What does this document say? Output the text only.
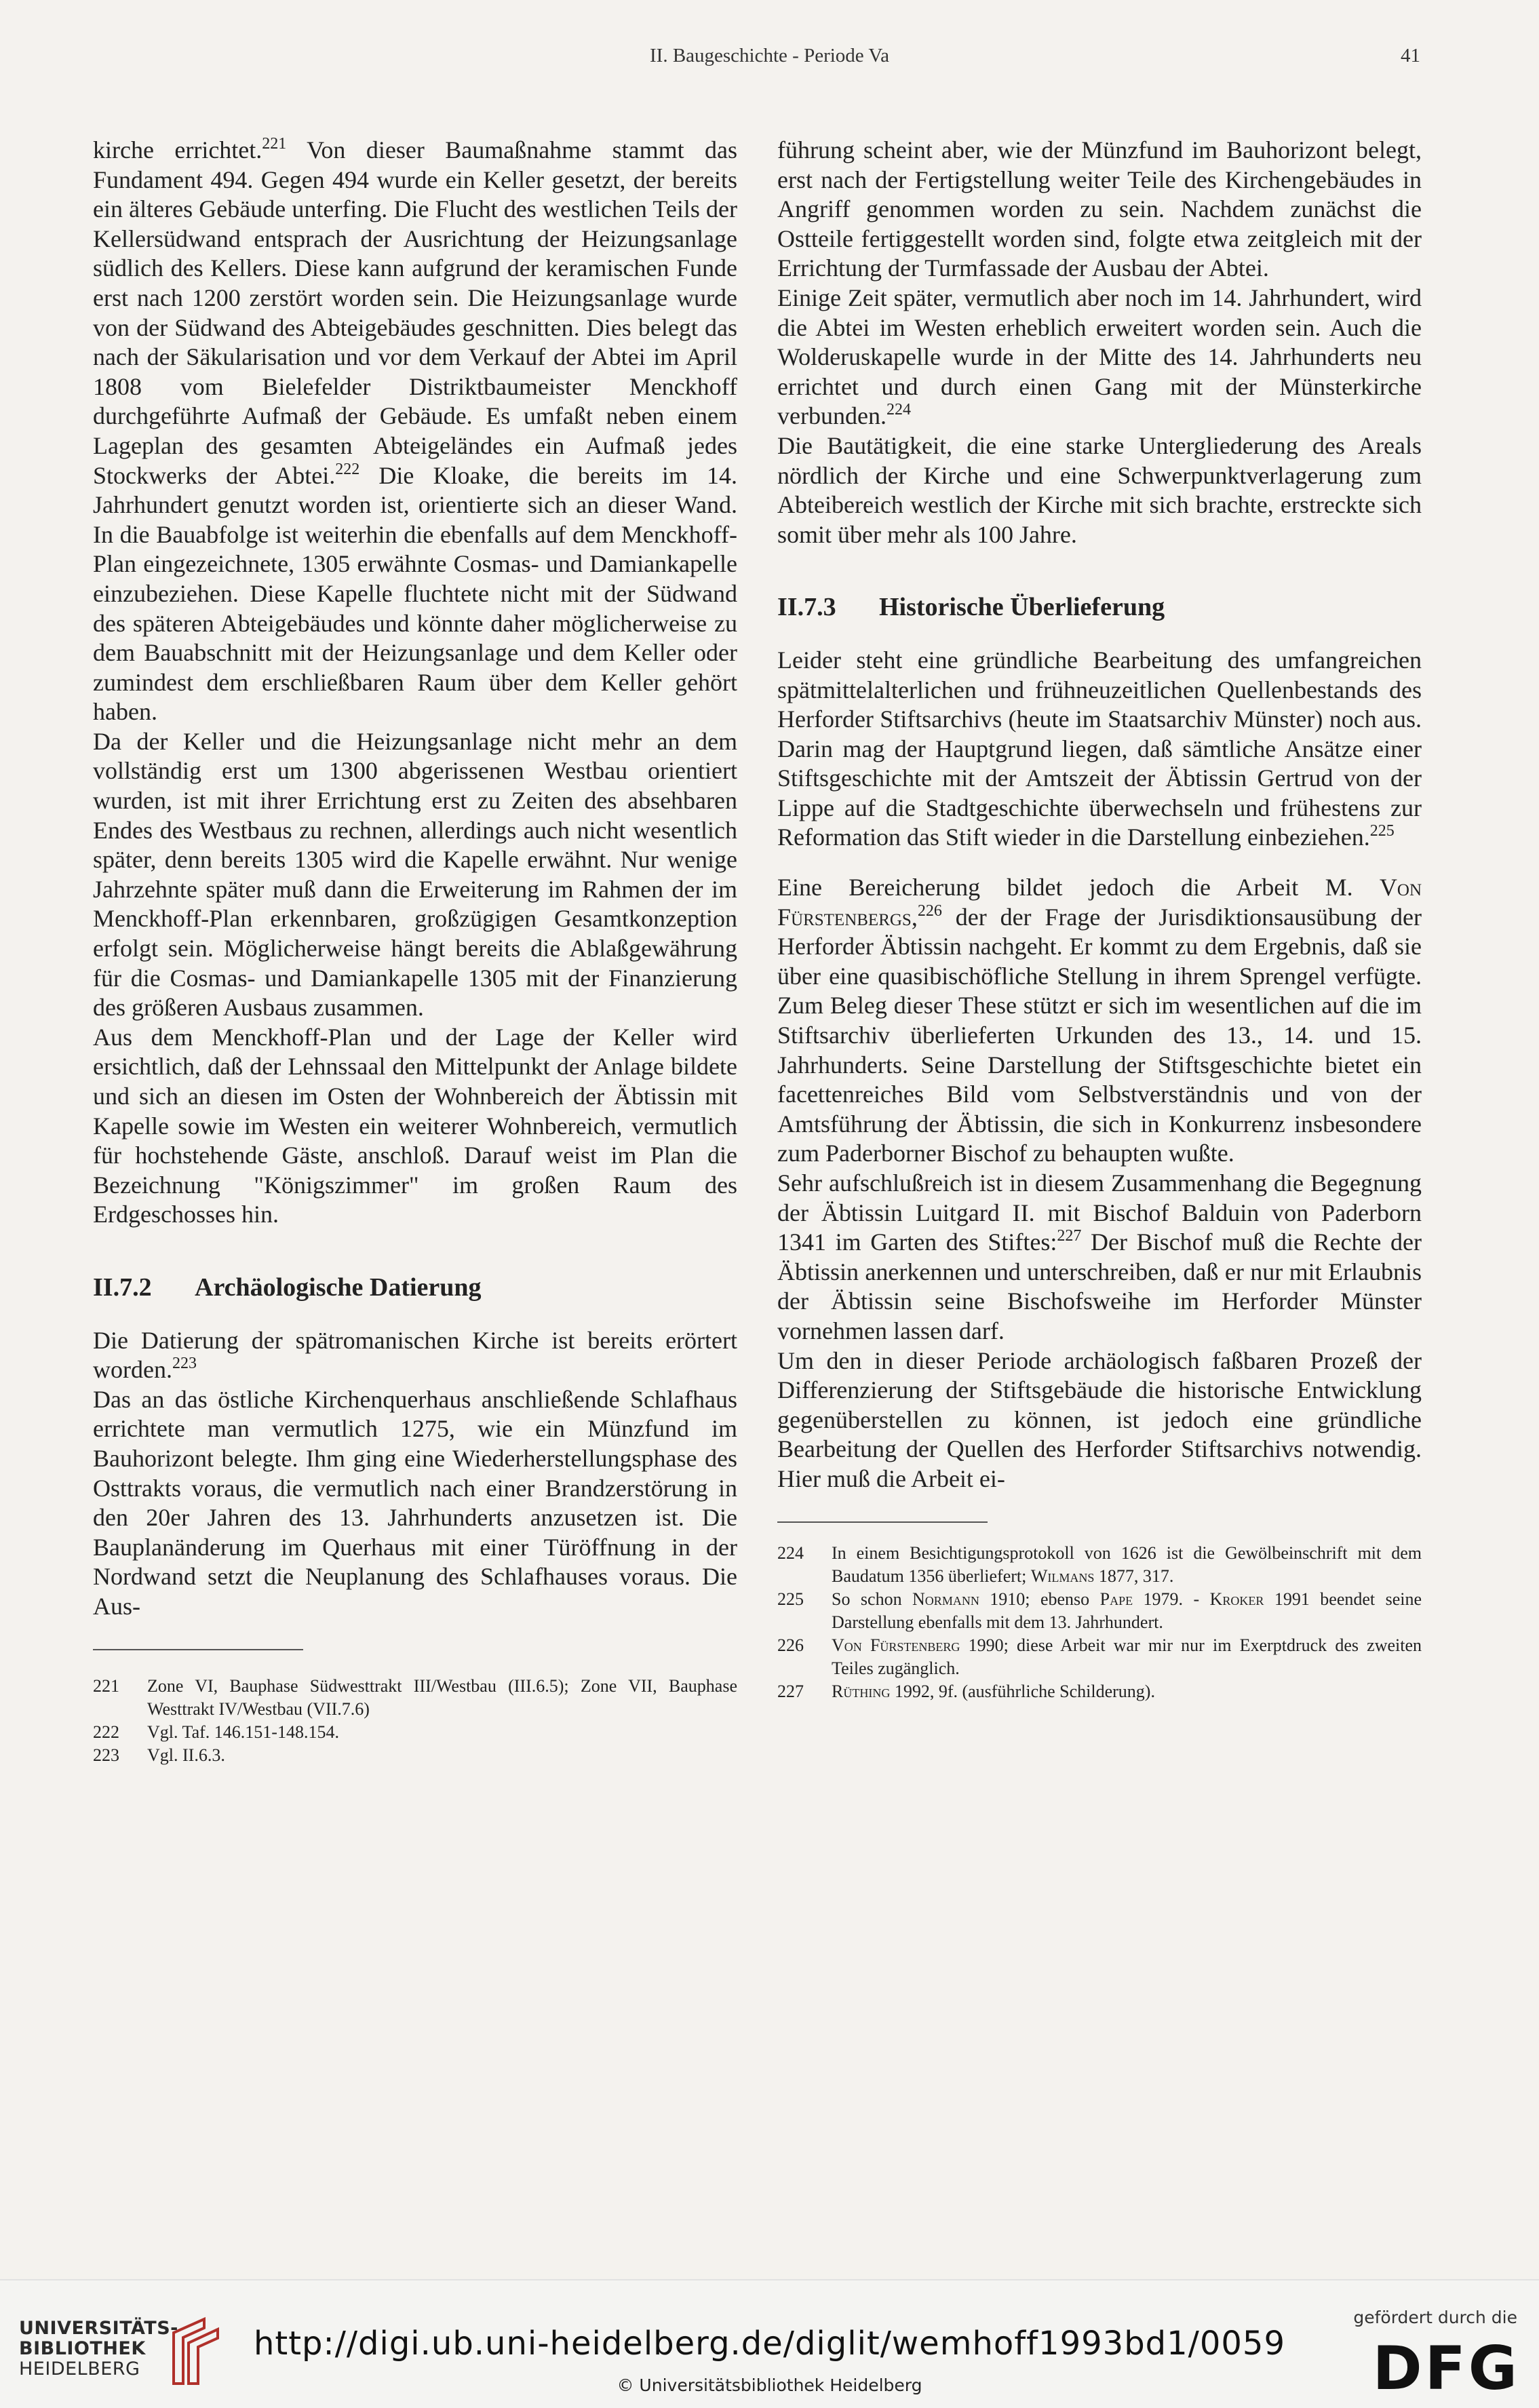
II. Baugeschichte - Periode Va	41

kirche errichtet.$^{221}$ Von dieser Baumaßnahme stammt das Fundament 494. Gegen 494 wurde ein Keller gesetzt, der bereits ein älteres Gebäude unterfing. Die Flucht des westlichen Teils der Kellersüdwand entsprach der Ausrichtung der Heizungsanlage südlich des Kellers. Diese kann aufgrund der keramischen Funde erst nach 1200 zerstört worden sein. Die Heizungsanlage wurde von der Südwand des Abteigebäudes geschnitten. Dies belegt das nach der Säkularisation und vor dem Verkauf der Abtei im April 1808 vom Bielefelder Distriktbaumeister Menckhoff durchgeführte Aufmaß der Gebäude. Es umfaßt neben einem Lageplan des gesamten Abteigeländes ein Aufmaß jedes Stockwerks der Abtei.$^{222}$ Die Kloake, die bereits im 14. Jahrhundert genutzt worden ist, orientierte sich an dieser Wand. In die Bauabfolge ist weiterhin die ebenfalls auf dem Menckhoff-Plan eingezeichnete, 1305 erwähnte Cosmas- und Damiankapelle einzubeziehen. Diese Kapelle fluchtete nicht mit der Südwand des späteren Abteigebäudes und könnte daher möglicherweise zu dem Bauabschnitt mit der Heizungsanlage und dem Keller oder zumindest dem erschließbaren Raum über dem Keller gehört haben.

Da der Keller und die Heizungsanlage nicht mehr an dem vollständig erst um 1300 abgerissenen Westbau orientiert wurden, ist mit ihrer Errichtung erst zu Zeiten des absehbaren Endes des Westbaus zu rechnen, allerdings auch nicht wesentlich später, denn bereits 1305 wird die Kapelle erwähnt. Nur wenige Jahrzehnte später muß dann die Erweiterung im Rahmen der im Menckhoff-Plan erkennbaren, großzügigen Gesamtkonzeption erfolgt sein. Möglicherweise hängt bereits die Ablaßgewährung für die Cosmas- und Damiankapelle 1305 mit der Finanzierung des größeren Ausbaus zusammen.

Aus dem Menckhoff-Plan und der Lage der Keller wird ersichtlich, daß der Lehnssaal den Mittelpunkt der Anlage bildete und sich an diesen im Osten der Wohnbereich der Äbtissin mit Kapelle sowie im Westen ein weiterer Wohnbereich, vermutlich für hochstehende Gäste, anschloß. Darauf weist im Plan die Bezeichnung "Königszimmer" im großen Raum des Erdgeschosses hin.

II.7.2 Archäologische Datierung

Die Datierung der spätromanischen Kirche ist bereits erörtert worden.$^{223}$

Das an das östliche Kirchenquerhaus anschließende Schlafhaus errichtete man vermutlich 1275, wie ein Münzfund im Bauhorizont belegte. Ihm ging eine Wiederherstellungsphase des Osttrakts voraus, die vermutlich nach einer Brandzerstörung in den 20er Jahren des 13. Jahrhunderts anzusetzen ist. Die Bauplanänderung im Querhaus mit einer Türöffnung in der Nordwand setzt die Neuplanung des Schlafhauses voraus. Die Aus-

221	Zone VI, Bauphase Südwesttrakt III/Westbau (III.6.5); Zone VII, Bauphase Westtrakt IV/Westbau (VII.7.6)
222	Vgl. Taf. 146.151-148.154.
223	Vgl. II.6.3.

führung scheint aber, wie der Münzfund im Bauhorizont belegt, erst nach der Fertigstellung weiter Teile des Kirchengebäudes in Angriff genommen worden zu sein. Nachdem zunächst die Ostteile fertiggestellt worden sind, folgte etwa zeitgleich mit der Errichtung der Turmfassade der Ausbau der Abtei.

Einige Zeit später, vermutlich aber noch im 14. Jahrhundert, wird die Abtei im Westen erheblich erweitert worden sein. Auch die Wolderuskapelle wurde in der Mitte des 14. Jahrhunderts neu errichtet und durch einen Gang mit der Münsterkirche verbunden.$^{224}$

Die Bautätigkeit, die eine starke Untergliederung des Areals nördlich der Kirche und eine Schwerpunktverlagerung zum Abteibereich westlich der Kirche mit sich brachte, erstreckte sich somit über mehr als 100 Jahre.

II.7.3 Historische Überlieferung

Leider steht eine gründliche Bearbeitung des umfangreichen spätmittelalterlichen und frühneuzeitlichen Quellenbestands des Herforder Stiftsarchivs (heute im Staatsarchiv Münster) noch aus. Darin mag der Hauptgrund liegen, daß sämtliche Ansätze einer Stiftsgeschichte mit der Amtszeit der Äbtissin Gertrud von der Lippe auf die Stadtgeschichte überwechseln und frühestens zur Reformation das Stift wieder in die Darstellung einbeziehen.$^{225}$

Eine Bereicherung bildet jedoch die Arbeit M. Von Fürstenbergs,$^{226}$ der der Frage der Jurisdiktionsausübung der Herforder Äbtissin nachgeht. Er kommt zu dem Ergebnis, daß sie über eine quasibischöfliche Stellung in ihrem Sprengel verfügte. Zum Beleg dieser These stützt er sich im wesentlichen auf die im Stiftsarchiv überlieferten Urkunden des 13., 14. und 15. Jahrhunderts. Seine Darstellung der Stiftsgeschichte bietet ein facettenreiches Bild vom Selbstverständnis und von der Amtsführung der Äbtissin, die sich in Konkurrenz insbesondere zum Paderborner Bischof zu behaupten wußte.

Sehr aufschlußreich ist in diesem Zusammenhang die Begegnung der Äbtissin Luitgard II. mit Bischof Balduin von Paderborn 1341 im Garten des Stiftes:$^{227}$ Der Bischof muß die Rechte der Äbtissin anerkennen und unterschreiben, daß er nur mit Erlaubnis der Äbtissin seine Bischofsweihe im Herforder Münster vornehmen lassen darf.

Um den in dieser Periode archäologisch faßbaren Prozeß der Differenzierung der Stiftsgebäude die historische Entwicklung gegenüberstellen zu können, ist jedoch eine gründliche Bearbeitung der Quellen des Herforder Stiftsarchivs notwendig. Hier muß die Arbeit ei-

224	In einem Besichtigungsprotokoll von 1626 ist die Gewölbeinschrift mit dem Baudatum 1356 überliefert; Wilmans 1877, 317.
225	So schon Normann 1910; ebenso Pape 1979. - Kroker 1991 beendet seine Darstellung ebenfalls mit dem 13. Jahrhundert.
226	Von Fürstenberg 1990; diese Arbeit war mir nur im Exerptdruck des zweiten Teiles zugänglich.
227	Rüthing 1992, 9f. (ausführliche Schilderung).
UNIVERSITÄTS-
BIBLIOTHEK
HEIDELBERG
http://digi.ub.uni-heidelberg.de/diglit/wemhoff1993bd1/0059
© Universitätsbibliothek Heidelberg
gefördert durch die
DFG
